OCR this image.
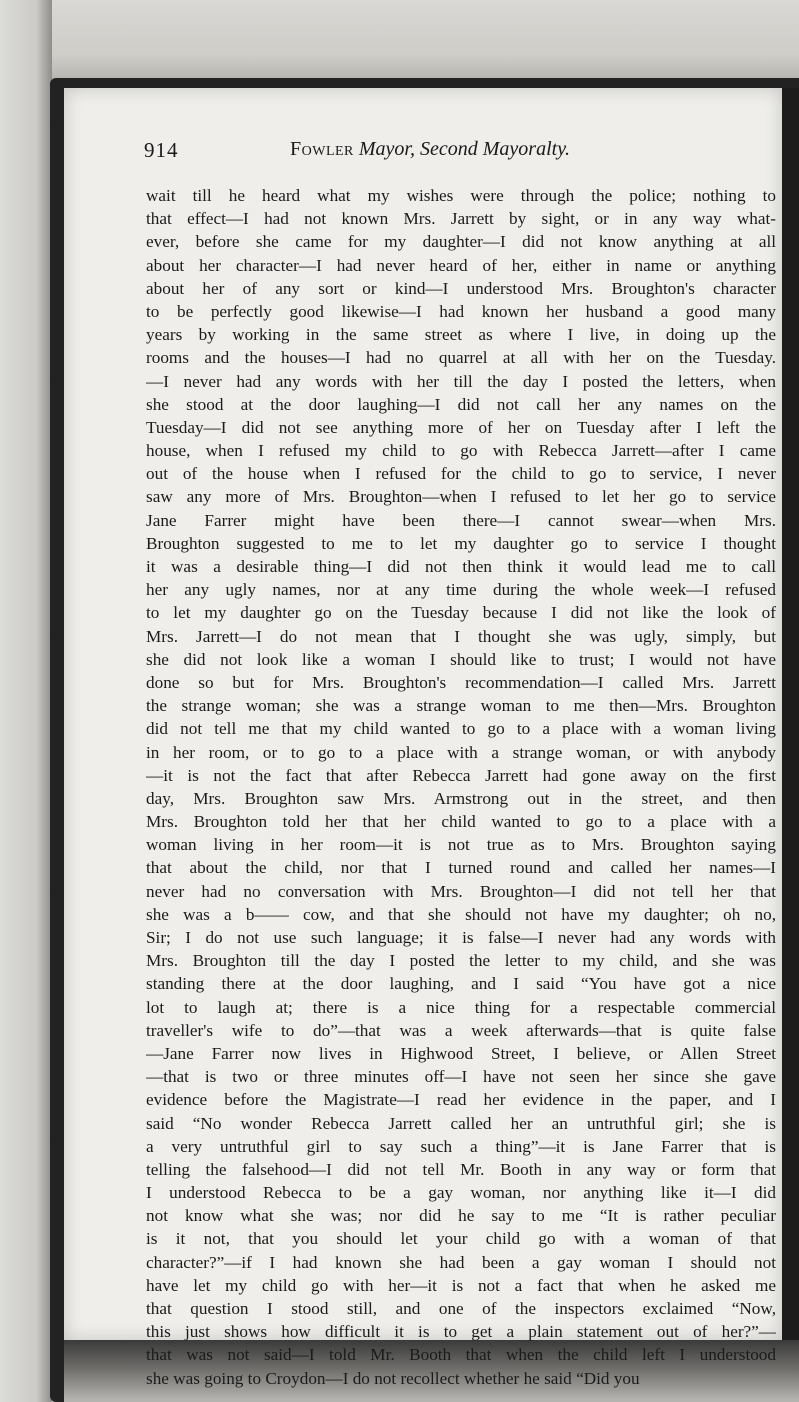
914	Fowler Mayor, Second Mayoralty.
wait till he heard what my wishes were through the police; nothing to
that effect—I had not known Mrs. Jarrett by sight, or in any way what-
ever, before she came for my daughter—I did not know anything at all
about her character—I had never heard of her, either in name or anything
about her of any sort or kind—I understood Mrs. Broughton's character
to be perfectly good likewise—I had known her husband a good many
years by working in the same street as where I live, in doing up the
rooms and the houses—I had no quarrel at all with her on the Tuesday.
—I never had any words with her till the day I posted the letters, when
she stood at the door laughing—I did not call her any names on the
Tuesday—I did not see anything more of her on Tuesday after I left the
house, when I refused my child to go with Rebecca Jarrett—after I came
out of the house when I refused for the child to go to service, I never
saw any more of Mrs. Broughton—when I refused to let her go to service
Jane Farrer might have been there—I cannot swear—when Mrs.
Broughton suggested to me to let my daughter go to service I thought
it was a desirable thing—I did not then think it would lead me to call
her any ugly names, nor at any time during the whole week—I refused
to let my daughter go on the Tuesday because I did not like the look of
Mrs. Jarrett—I do not mean that I thought she was ugly, simply, but
she did not look like a woman I should like to trust; I would not have
done so but for Mrs. Broughton's recommendation—I called Mrs. Jarrett
the strange woman; she was a strange woman to me then—Mrs. Broughton
did not tell me that my child wanted to go to a place with a woman living
in her room, or to go to a place with a strange woman, or with anybody
—it is not the fact that after Rebecca Jarrett had gone away on the first
day, Mrs. Broughton saw Mrs. Armstrong out in the street, and then
Mrs. Broughton told her that her child wanted to go to a place with a
woman living in her room—it is not true as to Mrs. Broughton saying
that about the child, nor that I turned round and called her names—I
never had no conversation with Mrs. Broughton—I did not tell her that
she was a b—— cow, and that she should not have my daughter; oh no,
Sir; I do not use such language; it is false—I never had any words with
Mrs. Broughton till the day I posted the letter to my child, and she was
standing there at the door laughing, and I said “You have got a nice
lot to laugh at; there is a nice thing for a respectable commercial
traveller's wife to do”—that was a week afterwards—that is quite false
—Jane Farrer now lives in Highwood Street, I believe, or Allen Street
—that is two or three minutes off—I have not seen her since she gave
evidence before the Magistrate—I read her evidence in the paper, and I
said “No wonder Rebecca Jarrett called her an untruthful girl; she is
a very untruthful girl to say such a thing”—it is Jane Farrer that is
telling the falsehood—I did not tell Mr. Booth in any way or form that
I understood Rebecca to be a gay woman, nor anything like it—I did
not know what she was; nor did he say to me “It is rather peculiar
is it not, that you should let your child go with a woman of that
character?”—if I had known she had been a gay woman I should not
have let my child go with her—it is not a fact that when he asked me
that question I stood still, and one of the inspectors exclaimed “Now,
this just shows how difficult it is to get a plain statement out of her?”—
that was not said—I told Mr. Booth that when the child left I understood
she was going to Croydon—I do not recollect whether he said “Did you
